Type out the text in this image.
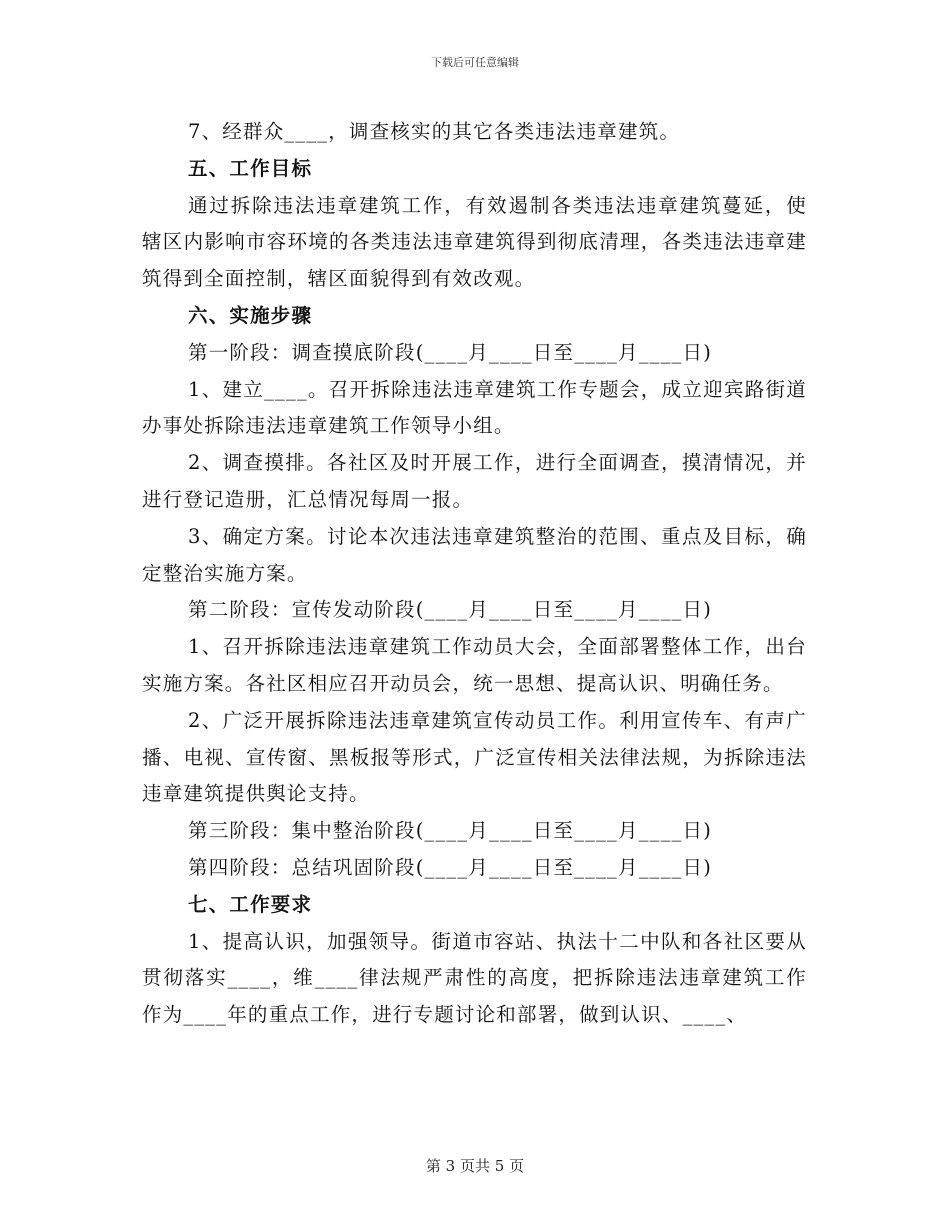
下载后可任意编辑

7、经群众____，调查核实的其它各类违法违章建筑。

五、工作目标

通过拆除违法违章建筑工作，有效遏制各类违法违章建筑蔓延，使辖区内影响市容环境的各类违法违章建筑得到彻底清理，各类违法违章建筑得到全面控制，辖区面貌得到有效改观。

六、实施步骤

第一阶段：调查摸底阶段(____月____日至____月____日)

1、建立____。召开拆除违法违章建筑工作专题会，成立迎宾路街道办事处拆除违法违章建筑工作领导小组。

2、调查摸排。各社区及时开展工作，进行全面调查，摸清情况，并进行登记造册，汇总情况每周一报。

3、确定方案。讨论本次违法违章建筑整治的范围、重点及目标，确定整治实施方案。

第二阶段：宣传发动阶段(____月____日至____月____日)

1、召开拆除违法违章建筑工作动员大会，全面部署整体工作，出台实施方案。各社区相应召开动员会，统一思想、提高认识、明确任务。

2、广泛开展拆除违法违章建筑宣传动员工作。利用宣传车、有声广播、电视、宣传窗、黑板报等形式，广泛宣传相关法律法规，为拆除违法违章建筑提供舆论支持。

第三阶段：集中整治阶段(____月____日至____月____日)

第四阶段：总结巩固阶段(____月____日至____月____日)

七、工作要求

1、提高认识，加强领导。街道市容站、执法十二中队和各社区要从贯彻落实____，维____律法规严肃性的高度，把拆除违法违章建筑工作作为____年的重点工作，进行专题讨论和部署，做到认识、____、

第 3 页共 5 页
